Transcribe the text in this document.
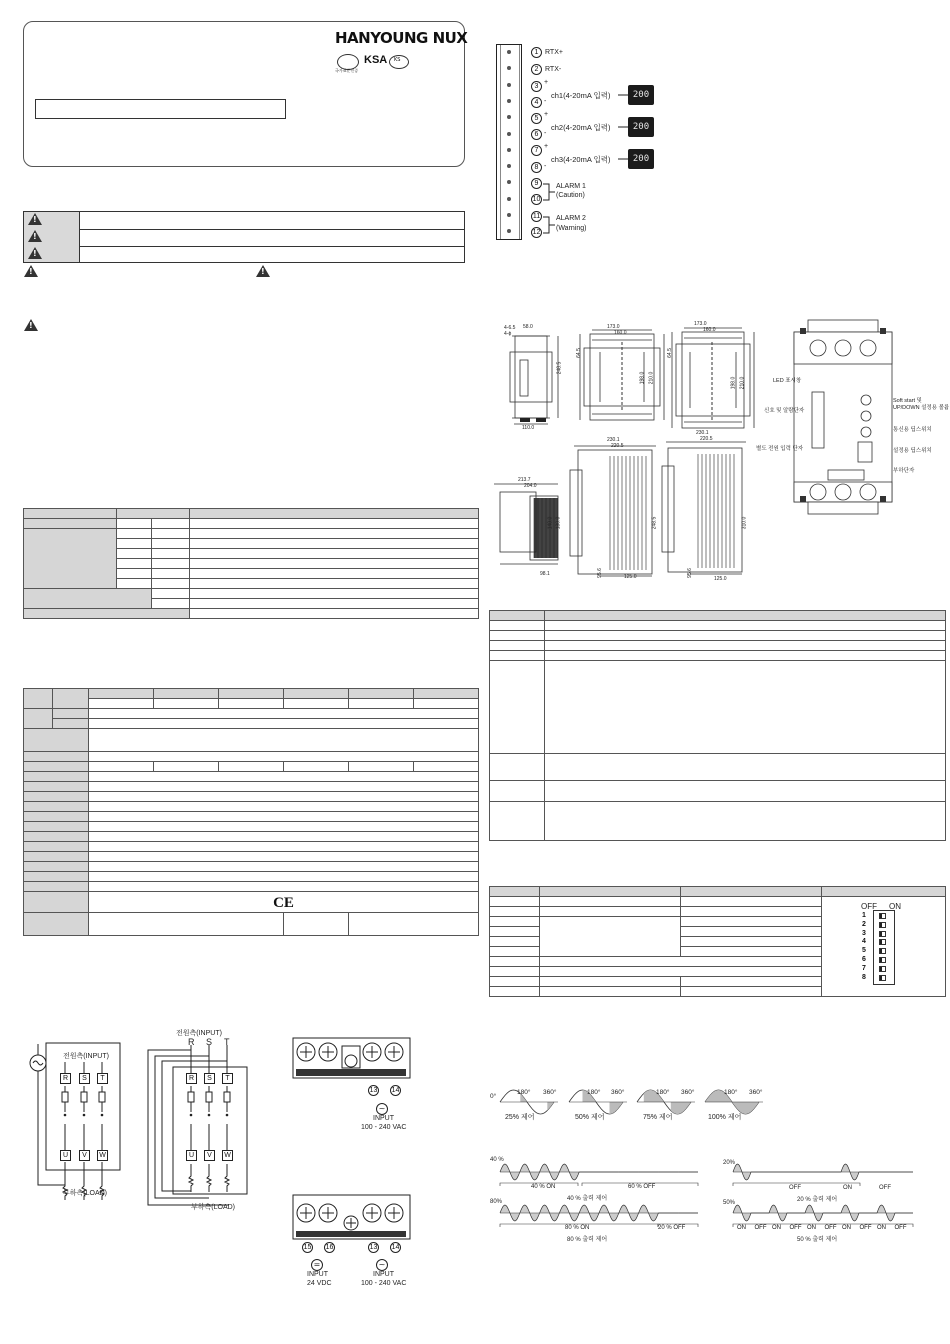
HANYOUNG NUX
국가표준인증
KSA KS
!
!
!
!
!
!

		CE					

전원측(INPUT)
R	S	T
U	V	W
부하측(LOAD)
전원측(INPUT)
R S T
R	S	T
U	V	W
부하측(LOAD)
13 14
~
INPUT
100 - 240 VAC
15 16	13 14
=	~
INPUT
24 VDC
INPUT
100 - 240 VAC
1 RTX+
2 RTX-
3
+
4 -
ch1(4-20mA 입력)	200
5
+
6 -
ch2(4-20mA 입력)	200
7
+
8 -
ch3(4-20mA 입력)	200
9
10
ALARM 1
(Caution)
11
12
ALARM 2
(Warning)
4-6.5
4-ϕ
58.0
248.5
110.0
173.0
160.0
64.5
198.0 210.0
173.0
160.0
64.5
198.0 210.0
213.7
204.0
140.0 130.0
98.1
230.1
220.5
248.5
125.0
95.6
230.1
220.5
125.0
95.6
310.0
LED 표시창
신호 및 알람단자
별도 전원 입력 단자
Soft start 및
UP/DOWN 설정용 볼륨
통신용 딥스위치
설정용 딥스위치
부하단자

OFF ON
1
2
3
4
5
6
7
8
0°
180° 360°
25% 제어	50% 제어	75% 제어	100% 제어
180° 360°	180° 360°	180° 360°
40 %
40 % ON	60 % OFF
40 % 출력 제어
80%
80 % ON	20 % OFF
80 % 출력 제어
20%
OFF	ON	OFF
20 % 출력 제어
50%
50 % 출력 제어
ON OFF ON OFF ON OFF ON OFF ON OFF
